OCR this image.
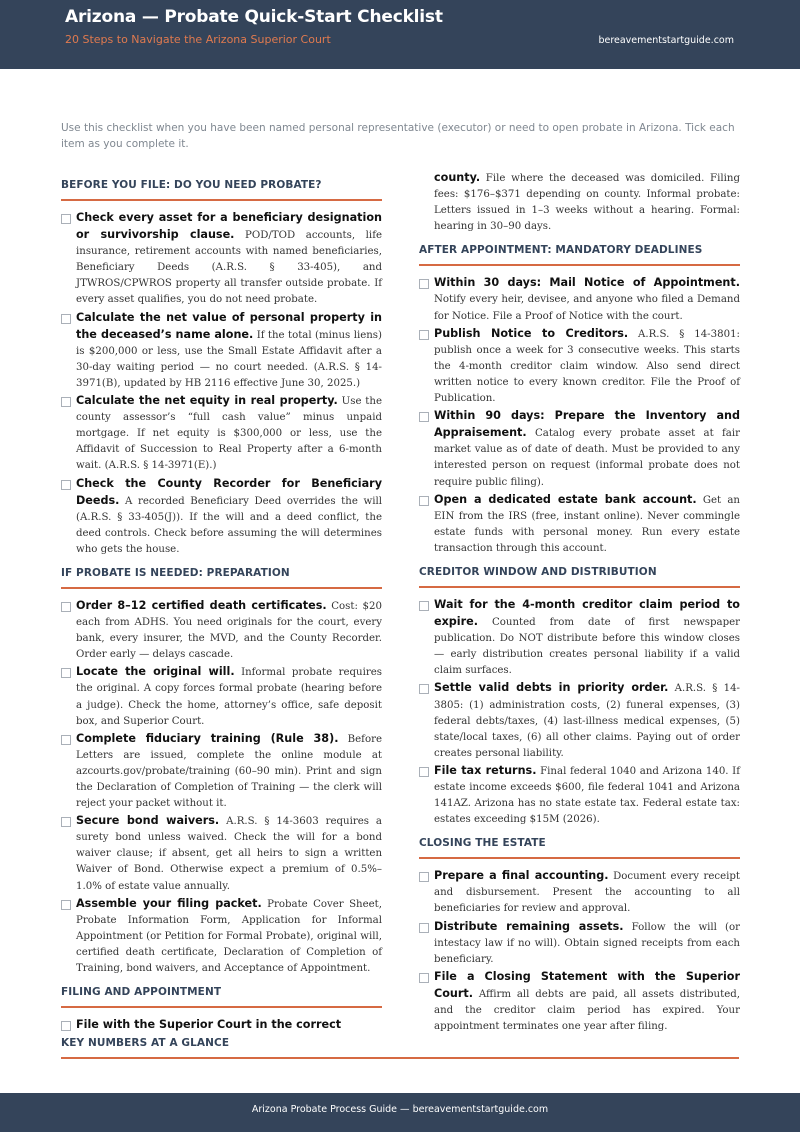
Arizona — Probate Quick-Start Checklist
20 Steps to Navigate the Arizona Superior Court	bereavementstartguide.com
Use this checklist when you have been named personal representative (executor) or need to open probate in Arizona. Tick each item as you complete it.
BEFORE YOU FILE: DO YOU NEED PROBATE?
Check every asset for a beneficiary designation or survivorship clause. POD/TOD accounts, life insurance, retirement accounts with named beneficiaries, Beneficiary Deeds (A.R.S. § 33-405), and JTWROS/CPWROS property all transfer outside probate. If every asset qualifies, you do not need probate.
Calculate the net value of personal property in the deceased’s name alone. If the total (minus liens) is $200,000 or less, use the Small Estate Affidavit after a 30-day waiting period — no court needed. (A.R.S. § 14-3971(B), updated by HB 2116 effective June 30, 2025.)
Calculate the net equity in real property. Use the county assessor’s “full cash value” minus unpaid mortgage. If net equity is $300,000 or less, use the Affidavit of Succession to Real Property after a 6-month wait. (A.R.S. § 14-3971(E).)
Check the County Recorder for Beneficiary Deeds. A recorded Beneficiary Deed overrides the will (A.R.S. § 33-405(J)). If the will and a deed conflict, the deed controls. Check before assuming the will determines who gets the house.
IF PROBATE IS NEEDED: PREPARATION
Order 8–12 certified death certificates. Cost: $20 each from ADHS. You need originals for the court, every bank, every insurer, the MVD, and the County Recorder. Order early — delays cascade.
Locate the original will. Informal probate requires the original. A copy forces formal probate (hearing before a judge). Check the home, attorney’s office, safe deposit box, and Superior Court.
Complete fiduciary training (Rule 38). Before Letters are issued, complete the online module at azcourts.gov/probate/training (60–90 min). Print and sign the Declaration of Completion of Training — the clerk will reject your packet without it.
Secure bond waivers. A.R.S. § 14-3603 requires a surety bond unless waived. Check the will for a bond waiver clause; if absent, get all heirs to sign a written Waiver of Bond. Otherwise expect a premium of 0.5%–1.0% of estate value annually.
Assemble your filing packet. Probate Cover Sheet, Probate Information Form, Application for Informal Appointment (or Petition for Formal Probate), original will, certified death certificate, Declaration of Completion of Training, bond waivers, and Acceptance of Appointment.
FILING AND APPOINTMENT
File with the Superior Court in the correct
county. File where the deceased was domiciled. Filing fees: $176–$371 depending on county. Informal probate: Letters issued in 1–3 weeks without a hearing. Formal: hearing in 30–90 days.
AFTER APPOINTMENT: MANDATORY DEADLINES
Within 30 days: Mail Notice of Appointment. Notify every heir, devisee, and anyone who filed a Demand for Notice. File a Proof of Notice with the court.
Publish Notice to Creditors. A.R.S. § 14-3801: publish once a week for 3 consecutive weeks. This starts the 4-month creditor claim window. Also send direct written notice to every known creditor. File the Proof of Publication.
Within 90 days: Prepare the Inventory and Appraisement. Catalog every probate asset at fair market value as of date of death. Must be provided to any interested person on request (informal probate does not require public filing).
Open a dedicated estate bank account. Get an EIN from the IRS (free, instant online). Never commingle estate funds with personal money. Run every estate transaction through this account.
CREDITOR WINDOW AND DISTRIBUTION
Wait for the 4-month creditor claim period to expire. Counted from date of first newspaper publication. Do NOT distribute before this window closes — early distribution creates personal liability if a valid claim surfaces.
Settle valid debts in priority order. A.R.S. § 14-3805: (1) administration costs, (2) funeral expenses, (3) federal debts/taxes, (4) last-illness medical expenses, (5) state/local taxes, (6) all other claims. Paying out of order creates personal liability.
File tax returns. Final federal 1040 and Arizona 140. If estate income exceeds $600, file federal 1041 and Arizona 141AZ. Arizona has no state estate tax. Federal estate tax: estates exceeding $15M (2026).
CLOSING THE ESTATE
Prepare a final accounting. Document every receipt and disbursement. Present the accounting to all beneficiaries for review and approval.
Distribute remaining assets. Follow the will (or intestacy law if no will). Obtain signed receipts from each beneficiary.
File a Closing Statement with the Superior Court. Affirm all debts are paid, all assets distributed, and the creditor claim period has expired. Your appointment terminates one year after filing.
KEY NUMBERS AT A GLANCE
Arizona Probate Process Guide — bereavementstartguide.com
